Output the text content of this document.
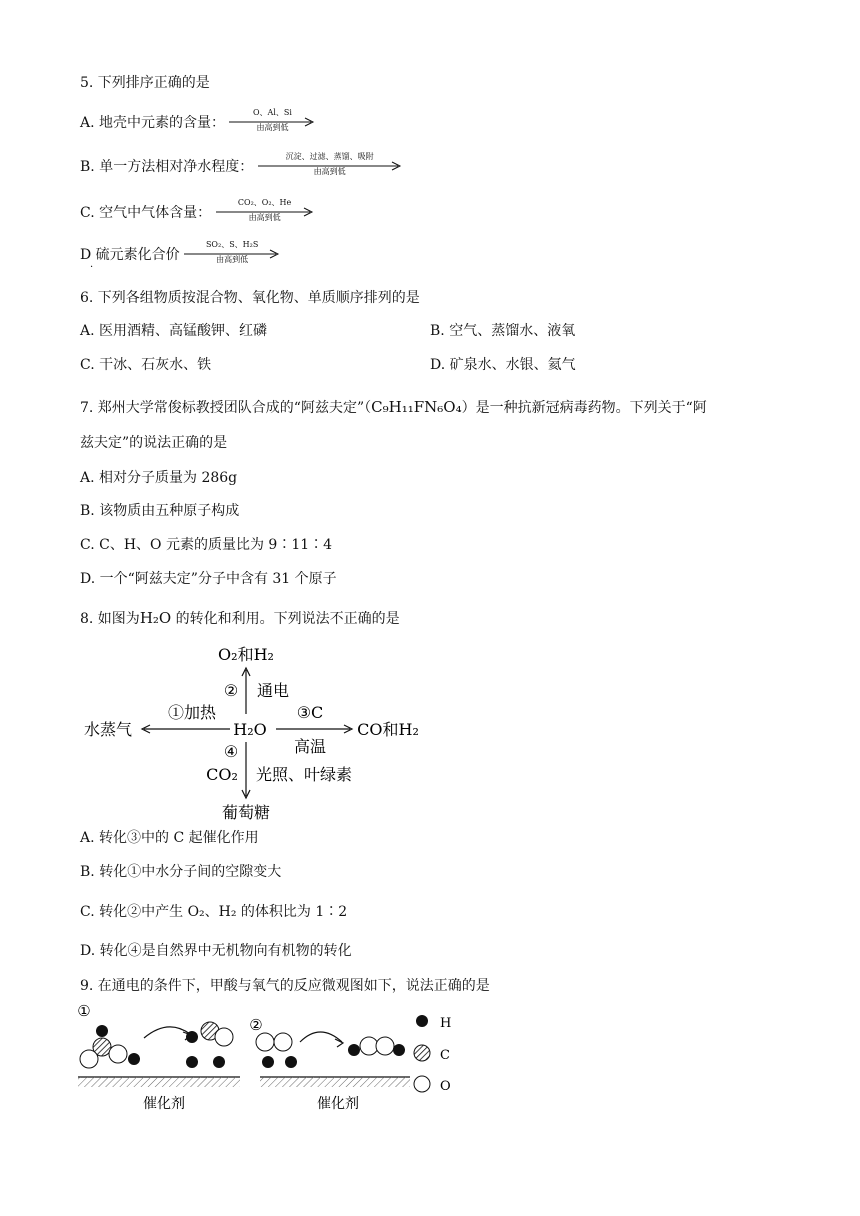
5. 下列排序正确的是
A. 地壳中元素的含量：
O、Al、Si
由高到低
B. 单一方法相对净水程度：
沉淀、过滤、蒸馏、吸附
由高到低
C. 空气中气体含量：
CO₂、O₂、He
由高到低
D 硫元素化合价
SO₂、S、H₂S
由高到低
·
6. 下列各组物质按混合物、氧化物、单质顺序排列的是
A. 医用酒精、高锰酸钾、红磷	B. 空气、蒸馏水、液氧
C. 干冰、石灰水、铁	D. 矿泉水、水银、氦气
7. 郑州大学常俊标教授团队合成的“阿兹夫定”（C₉H₁₁FN₆O₄）是一种抗新冠病毒药物。下列关于“阿
兹夫定”的说法正确的是
A. 相对分子质量为 286g
B. 该物质由五种原子构成
C. C、H、O 元素的质量比为 9∶11∶4
D. 一个“阿兹夫定”分子中含有 31 个原子
8. 如图为H₂O 的转化和利用。下列说法不正确的是
O₂和H₂
② 通电
①加热
水蒸气	H₂O
③C
高温
CO和H₂
④
CO₂ 光照、叶绿素
葡萄糖
A. 转化③中的 C 起催化作用
B. 转化①中水分子间的空隙变大
C. 转化②中产生 O₂、H₂ 的体积比为 1∶2
D. 转化④是自然界中无机物向有机物的转化
9. 在通电的条件下，甲酸与氧气的反应微观图如下，说法正确的是
①
催化剂
②
催化剂
H
C
O
